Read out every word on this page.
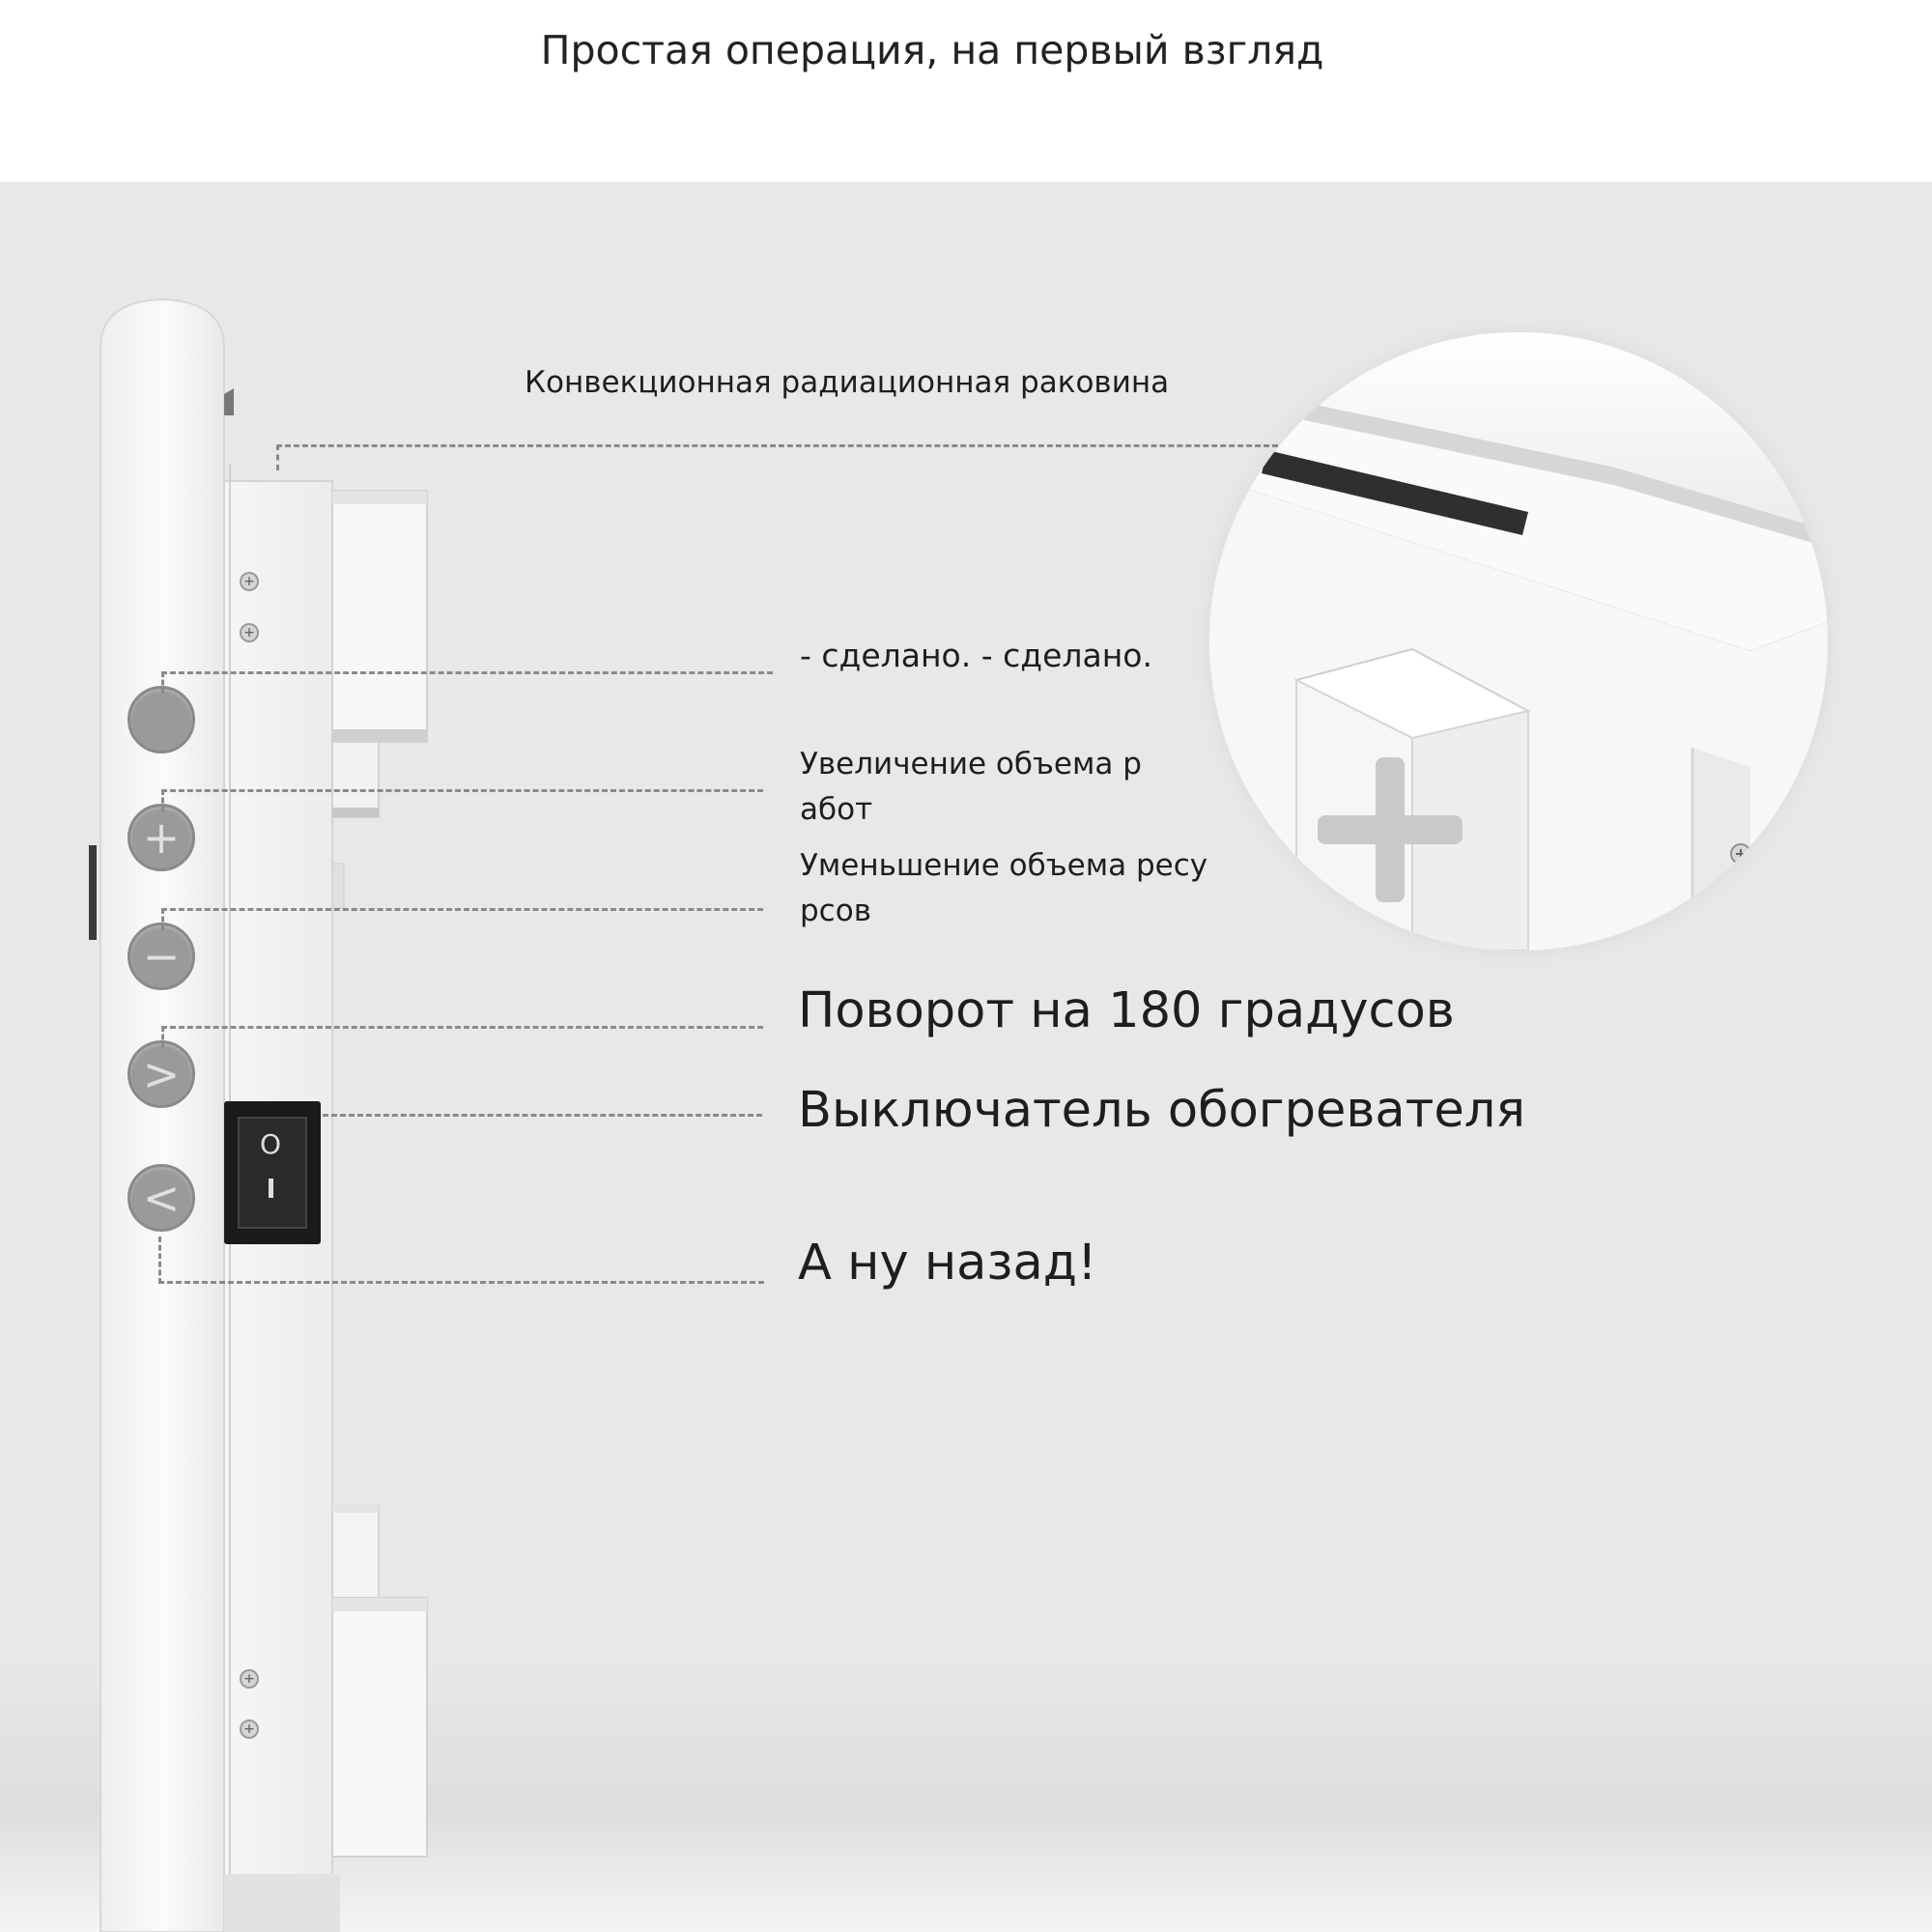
Простая операция, на первый взгляд
+
+
+
+
+
−
>
<
O
Конвекционная радиационная раковина
- сделано. - сделано.
Увеличение объема р
абот
Уменьшение объема ресу
рсов
Поворот на 180 градусов
Выключатель обогревателя
А ну назад!
